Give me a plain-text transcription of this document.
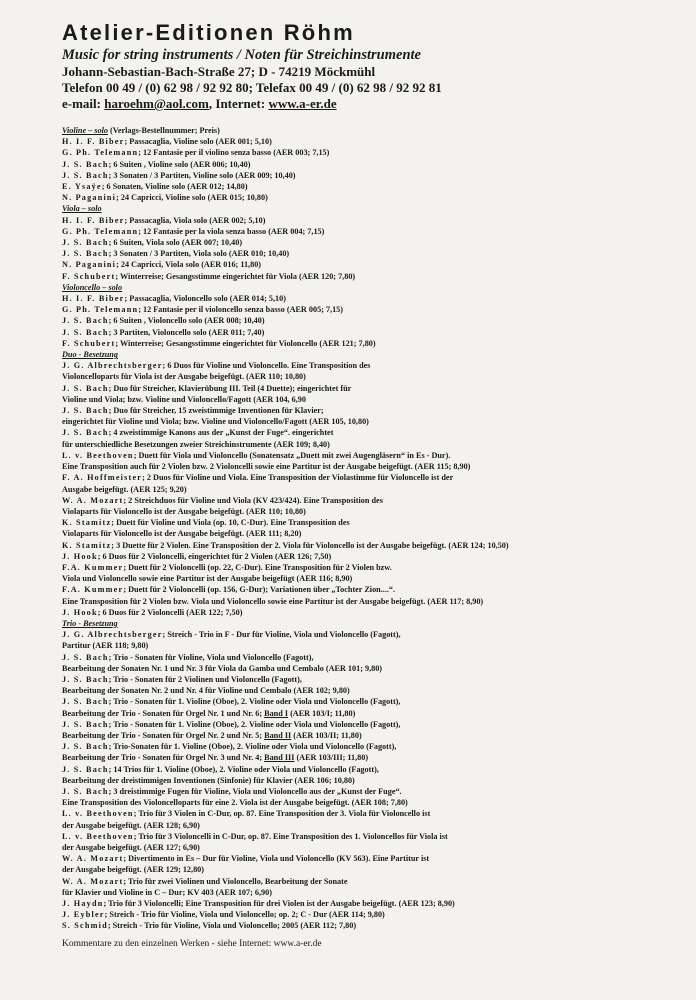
Atelier-Editionen Röhm
Music for string instruments / Noten für Streichinstrumente
Johann-Sebastian-Bach-Straße 27; D - 74219 Möckmühl
Telefon 00 49 / (0) 62 98 / 92 92 80; Telefax 00 49 / (0) 62 98 / 92 92 81
e-mail: haroehm@aol.com, Internet: www.a-er.de
Violine – solo (Verlags-Bestellnummer; Preis)
H. I. F. Biber; Passacaglia, Violine solo (AER 001; 5,10)
G. Ph. Telemann; 12 Fantasie per il violino senza basso (AER 003; 7,15)
J. S. Bach; 6 Suiten , Violine solo (AER 006; 10,40)
J. S. Bach; 3 Sonaten / 3 Partiten, Violine solo (AER 009; 10,40)
E. Ysaÿe; 6 Sonaten, Violine solo (AER 012; 14,80)
N. Paganini; 24 Capricci, Violine solo (AER 015; 10,80)
Viola – solo
H. I. F. Biber; Passacaglia, Viola solo (AER 002; 5,10)
G. Ph. Telemann; 12 Fantasie per la viola senza basso (AER 004; 7,15)
J. S. Bach; 6 Suiten, Viola solo (AER 007; 10,40)
J. S. Bach; 3 Sonaten / 3 Partiten, Viola solo (AER 010; 10,40)
N. Paganini; 24 Capricci, Viola solo (AER 016; 11,80)
F. Schubert; Winterreise; Gesangsstimme eingerichtet für Viola (AER 120; 7,80)
Violoncello – solo
H. I. F. Biber; Passacaglia, Violoncello solo (AER 014; 5,10)
G. Ph. Telemann; 12 Fantasie per il violoncello senza basso (AER 005; 7,15)
J. S. Bach; 6 Suiten , Violoncello solo (AER 008; 10,40)
J. S. Bach; 3 Partiten, Violoncello solo (AER 011; 7,40)
F. Schubert; Winterreise; Gesangsstimme eingerichtet für Violoncello (AER 121; 7,80)
Duo - Besetzung
J. G. Albrechtsberger; 6 Duos für Violine und Violoncello. Eine Transposition des
Violoncelloparts für Viola ist der Ausgabe beigefügt. (AER 110; 10,80)
J. S. Bach; Duo für Streicher, Klavierübung III. Teil (4 Duette); eingerichtet für
Violine und Viola; bzw. Violine und Violoncello/Fagott (AER 104, 6,90
J. S. Bach; Duo für Streicher, 15 zweistimmige Inventionen für Klavier;
eingerichtet für Violine und Viola; bzw. Violine und Violoncello/Fagott (AER 105, 10,80)
J. S. Bach; 4 zweistimmige Kanons aus der „Kunst der Fuge“. eingerichtet
für unterschiedliche Besetzungen zweier Streichinstrumente (AER 109; 8,40)
L. v. Beethoven; Duett für Viola und Violoncello (Sonatensatz „Duett mit zwei Augengläsern“ in Es - Dur).
Eine Transposition auch für 2 Violen bzw. 2 Violoncelli sowie eine Partitur ist der Ausgabe beigefügt. (AER 115; 8,90)
F. A. Hoffmeister; 2 Duos für Violine und Viola. Eine Transposition der Violastimme für Violoncello ist der
Ausgabe beigefügt. (AER 125; 9,20)
W. A. Mozart; 2 Streichduos für Violine und Viola (KV 423/424). Eine Transposition des
Violaparts für Violoncello ist der Ausgabe beigefügt. (AER 110; 10,80)
K. Stamitz; Duett für Violine und Viola (op. 10, C-Dur). Eine Transposition des
Violaparts für Violoncello ist der Ausgabe beigefügt. (AER 111; 8,20)
K. Stamitz; 3 Duette für 2 Violen. Eine Transposition der 2. Viola für Violoncello ist der Ausgabe beigefügt. (AER 124; 10,50)
J. Hook; 6 Duos für 2 Violoncelli, eingerichtet für 2 Violen (AER 126; 7,50)
F.A. Kummer; Duett für 2 Violoncelli (op. 22, C-Dur). Eine Transposition für 2 Violen bzw.
Viola und Violoncello sowie eine Partitur ist der Ausgabe beigefügt (AER 116; 8,90)
F.A. Kummer; Duett für 2 Violoncelli (op. 156, G-Dur); Variationen über „Tochter Zion....“.
Eine Transposition für 2 Violen bzw. Viola und Violoncello sowie eine Partitur ist der Ausgabe beigefügt. (AER 117; 8,90)
J. Hook; 6 Duos für 2 Violoncelli (AER 122; 7,50)
Trio - Besetzung
J. G. Albrechtsberger; Streich - Trio in F - Dur für Violine, Viola und Violoncello (Fagott),
Partitur (AER 118; 9,80)
J. S. Bach; Trio - Sonaten für Violine, Viola und Violoncello (Fagott),
Bearbeitung der Sonaten Nr. 1 und Nr. 3 für Viola da Gamba und Cembalo (AER 101; 9,80)
J. S. Bach; Trio - Sonaten für 2 Violinen und Violoncello (Fagott),
Bearbeitung der Sonaten Nr. 2 und Nr. 4 für Violine und Cembalo (AER 102; 9,80)
J. S. Bach; Trio - Sonaten für 1. Violine (Oboe), 2. Violine oder Viola und Violoncello (Fagott),
Bearbeitung der Trio - Sonaten für Orgel Nr. 1 und Nr. 6; Band I (AER 103/I; 11,80)
J. S. Bach; Trio - Sonaten für 1. Violine (Oboe), 2. Violine oder Viola und Violoncello (Fagott),
Bearbeitung der Trio - Sonaten für Orgel Nr. 2 und Nr. 5; Band II (AER 103/II; 11,80)
J. S. Bach; Trio-Sonaten für 1. Violine (Oboe), 2. Violine oder Viola und Violoncello (Fagott),
Bearbeitung der Trio - Sonaten für Orgel Nr. 3 und Nr. 4; Band III (AER 103/III; 11,80)
J. S. Bach; 14 Trios für 1. Violine (Oboe), 2. Violine oder Viola und Violoncello (Fagott),
Bearbeitung der dreistimmigen Inventionen (Sinfonie) für Klavier (AER 106; 10,80)
J. S. Bach; 3 dreistimmige Fugen für Violine, Viola und Violoncello aus der „Kunst der Fuge“.
Eine Transposition des Violoncelloparts für eine 2. Viola ist der Ausgabe beigefügt. (AER 108; 7,80)
L. v. Beethoven; Trio für 3 Violen in C-Dur, op. 87. Eine Transposition der 3. Viola für Violoncello ist
der Ausgabe beigefügt. (AER 128; 6,90)
L. v. Beethoven; Trio für 3 Violoncelli in C-Dur, op. 87. Eine Transposition des 1. Violoncellos für Viola ist
der Ausgabe beigefügt. (AER 127; 6,90)
W. A. Mozart; Divertimento in Es – Dur für Violine, Viola und Violoncello (KV 563). Eine Partitur ist
der Ausgabe beigefügt. (AER 129; 12,80)
W. A. Mozart; Trio für zwei Violinen und Violoncello, Bearbeitung der Sonate
für Klavier und Violine in C – Dur; KV 403 (AER 107; 6,90)
J. Haydn; Trio für 3 Violoncelli; Eine Transposition für drei Violen ist der Ausgabe beigefügt. (AER 123; 8,90)
J. Eybler; Streich - Trio für Violine, Viola und Violoncello; op. 2; C - Dur (AER 114; 9,80)
S. Schmid; Streich - Trio für Violine, Viola und Violoncello; 2005 (AER 112; 7,80)
Kommentare zu den einzelnen Werken - siehe Internet: www.a-er.de
